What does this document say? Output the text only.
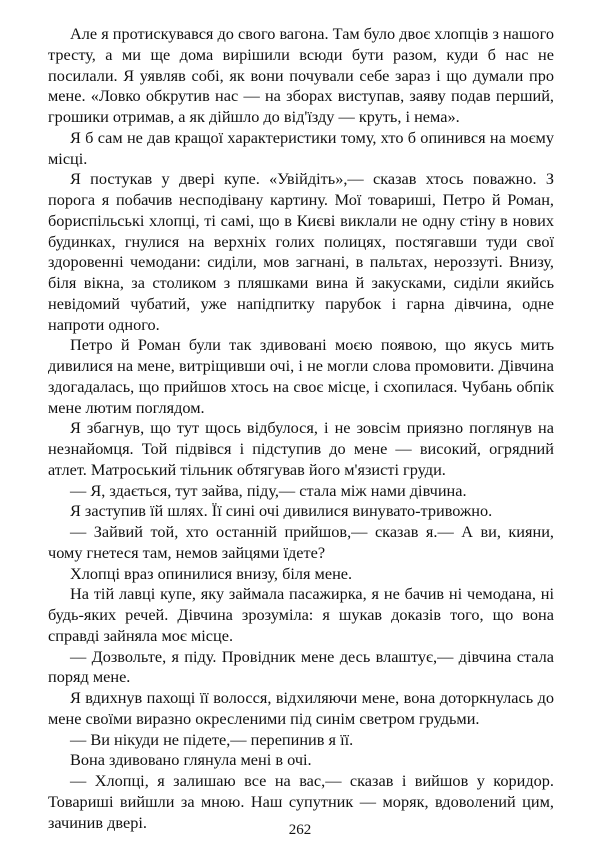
Але я протискувався до свого вагона. Там було двоє хлопців з нашого тресту, а ми ще дома вирішили всюди бути разом, куди б нас не посилали. Я уявляв собі, як вони почували себе зараз і що думали про мене. «Ловко обкрутив нас — на зборах виступав, заяву подав перший, грошики отримав, а як дійшло до від'їзду — круть, і нема».

Я б сам не дав кращої характеристики тому, хто б опинився на моєму місці.

Я постукав у двері купе. «Увійдіть»,— сказав хтось поважно. З порога я побачив несподівану картину. Мої товариші, Петро й Роман, бориспільські хлопці, ті самі, що в Києві виклали не одну стіну в нових будинках, гнулися на верхніх голих полицях, постягавши туди свої здоровенні чемодани: сиділи, мов загнані, в пальтах, нероззуті. Внизу, біля вікна, за столиком з пляшками вина й закусками, сиділи якийсь невідомий чубатий, уже напідпитку парубок і гарна дівчина, одне напроти одного.

Петро й Роман були так здивовані моєю появою, що якусь мить дивилися на мене, витріщивши очі, і не могли слова промовити. Дівчина здогадалась, що прийшов хтось на своє місце, і схопилася. Чубань обпік мене лютим поглядом.

Я збагнув, що тут щось відбулося, і не зовсім приязно поглянув на незнайомця. Той підвівся і підступив до мене — високий, огрядний атлет. Матроський тільник обтягував його м'язисті груди.

— Я, здається, тут зайва, піду,— стала між нами дівчина.

Я заступив їй шлях. Її сині очі дивилися винувато-тривожно.

— Зайвий той, хто останній прийшов,— сказав я.— А ви, кияни, чому гнетеся там, немов зайцями їдете?

Хлопці враз опинилися внизу, біля мене.

На тій лавці купе, яку займала пасажирка, я не бачив ні чемодана, ні будь-яких речей. Дівчина зрозуміла: я шукав доказів того, що вона справді зайняла моє місце.

— Дозвольте, я піду. Провідник мене десь влаштує,— дівчина стала поряд мене.

Я вдихнув пахощі її волосся, відхиляючи мене, вона доторкнулась до мене своїми виразно окресленими під синім светром грудьми.

— Ви нікуди не підете,— перепинив я її.

Вона здивовано глянула мені в очі.

— Хлопці, я залишаю все на вас,— сказав і вийшов у коридор. Товариші вийшли за мною. Наш супутник — моряк, вдоволений цим, зачинив двері.	262
